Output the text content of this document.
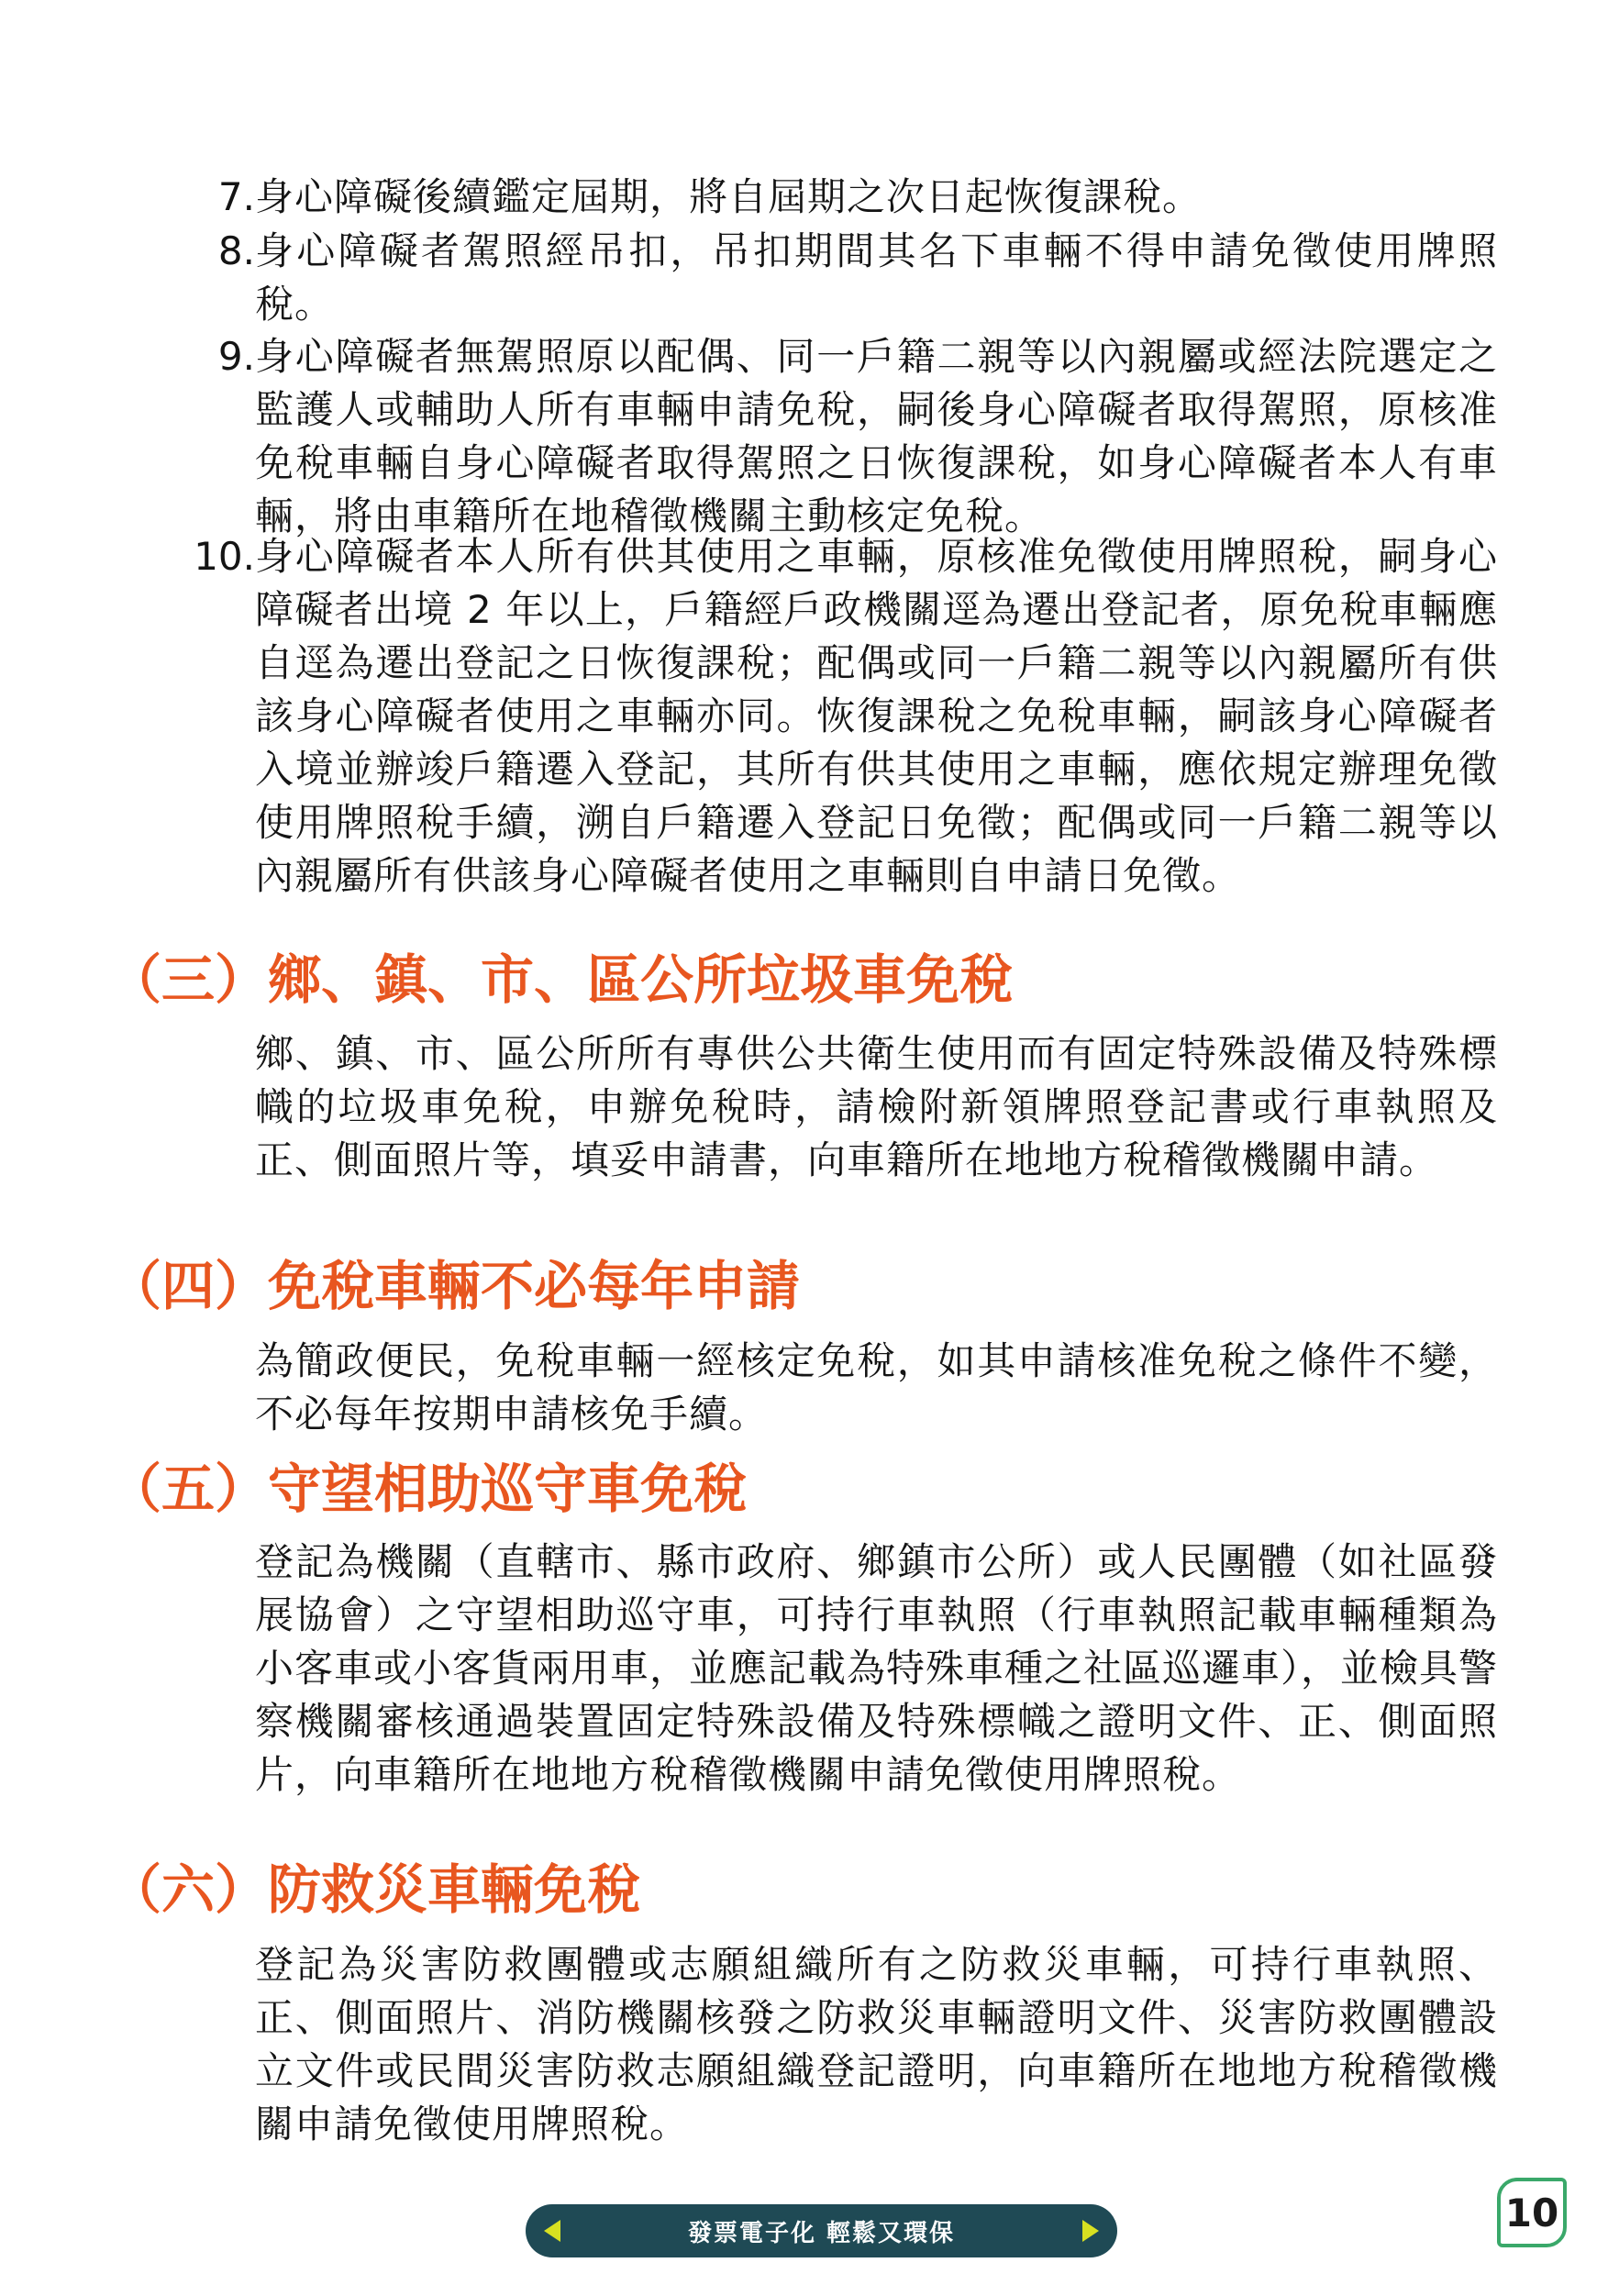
7. 身心障礙後續鑑定屆期，將自屆期之次日起恢復課稅。
8. 身心障礙者駕照經吊扣，吊扣期間其名下車輛不得申請免徵使用牌照稅。
9. 身心障礙者無駕照原以配偶、同一戶籍二親等以內親屬或經法院選定之監護人或輔助人所有車輛申請免稅，嗣後身心障礙者取得駕照，原核准免稅車輛自身心障礙者取得駕照之日恢復課稅，如身心障礙者本人有車輛，將由車籍所在地稽徵機關主動核定免稅。
10. 身心障礙者本人所有供其使用之車輛，原核准免徵使用牌照稅，嗣身心障礙者出境 2 年以上，戶籍經戶政機關逕為遷出登記者，原免稅車輛應自逕為遷出登記之日恢復課稅；配偶或同一戶籍二親等以內親屬所有供該身心障礙者使用之車輛亦同。恢復課稅之免稅車輛，嗣該身心障礙者入境並辦竣戶籍遷入登記，其所有供其使用之車輛，應依規定辦理免徵使用牌照稅手續，溯自戶籍遷入登記日免徵；配偶或同一戶籍二親等以內親屬所有供該身心障礙者使用之車輛則自申請日免徵。
（三）鄉、鎮、市、區公所垃圾車免稅
鄉、鎮、市、區公所所有專供公共衛生使用而有固定特殊設備及特殊標幟的垃圾車免稅，申辦免稅時，請檢附新領牌照登記書或行車執照及正、側面照片等，填妥申請書，向車籍所在地地方稅稽徵機關申請。
（四）免稅車輛不必每年申請
為簡政便民，免稅車輛一經核定免稅，如其申請核准免稅之條件不變，不必每年按期申請核免手續。
（五）守望相助巡守車免稅
登記為機關（直轄市、縣市政府、鄉鎮市公所）或人民團體（如社區發展協會）之守望相助巡守車，可持行車執照（行車執照記載車輛種類為小客車或小客貨兩用車，並應記載為特殊車種之社區巡邏車），並檢具警察機關審核通過裝置固定特殊設備及特殊標幟之證明文件、正、側面照片，向車籍所在地地方稅稽徵機關申請免徵使用牌照稅。
（六）防救災車輛免稅
登記為災害防救團體或志願組織所有之防救災車輛，可持行車執照、正、側面照片、消防機關核發之防救災車輛證明文件、災害防救團體設立文件或民間災害防救志願組織登記證明，向車籍所在地地方稅稽徵機關申請免徵使用牌照稅。
發票電子化 輕鬆又環保	10
